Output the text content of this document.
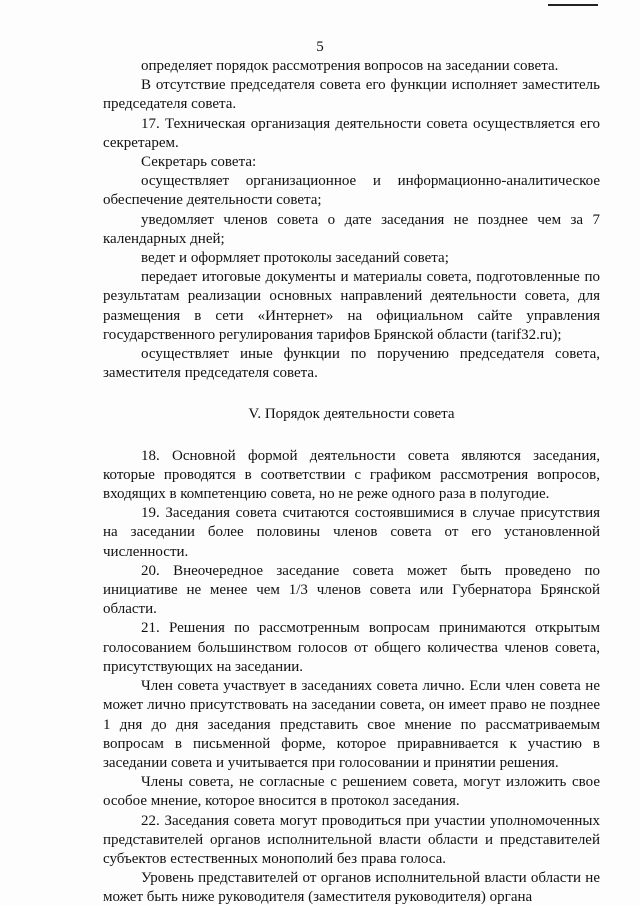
5

определяет порядок рассмотрения вопросов на заседании совета.

В отсутствие председателя совета его функции исполняет заместитель председателя совета.

17. Техническая организация деятельности совета осуществляется его секретарем.

Секретарь совета:

осуществляет организационное и информационно-аналитическое обеспечение деятельности совета;

уведомляет членов совета о дате заседания не позднее чем за 7 календарных дней;

ведет и оформляет протоколы заседаний совета;

передает итоговые документы и материалы совета, подготовленные по результатам реализации основных направлений деятельности совета, для размещения в сети «Интернет» на официальном сайте управления государственного регулирования тарифов Брянской области (tarif32.ru);

осуществляет иные функции по поручению председателя совета, заместителя председателя совета.

V. Порядок деятельности совета

18. Основной формой деятельности совета являются заседания, которые проводятся в соответствии с графиком рассмотрения вопросов, входящих в компетенцию совета, но не реже одного раза в полугодие.

19. Заседания совета считаются состоявшимися в случае присутствия на заседании более половины членов совета от его установленной численности.

20. Внеочередное заседание совета может быть проведено по инициативе не менее чем 1/3 членов совета или Губернатора Брянской области.

21. Решения по рассмотренным вопросам принимаются открытым голосованием большинством голосов от общего количества членов совета, присутствующих на заседании.

Член совета участвует в заседаниях совета лично. Если член совета не может лично присутствовать на заседании совета, он имеет право не позднее 1 дня до дня заседания представить свое мнение по рассматриваемым вопросам в письменной форме, которое приравнивается к участию в заседании совета и учитывается при голосовании и принятии решения.

Члены совета, не согласные с решением совета, могут изложить свое особое мнение, которое вносится в протокол заседания.

22. Заседания совета могут проводиться при участии уполномоченных представителей органов исполнительной власти области и представителей субъектов естественных монополий без права голоса.

Уровень представителей от органов исполнительной власти области не может быть ниже руководителя (заместителя руководителя) органа
